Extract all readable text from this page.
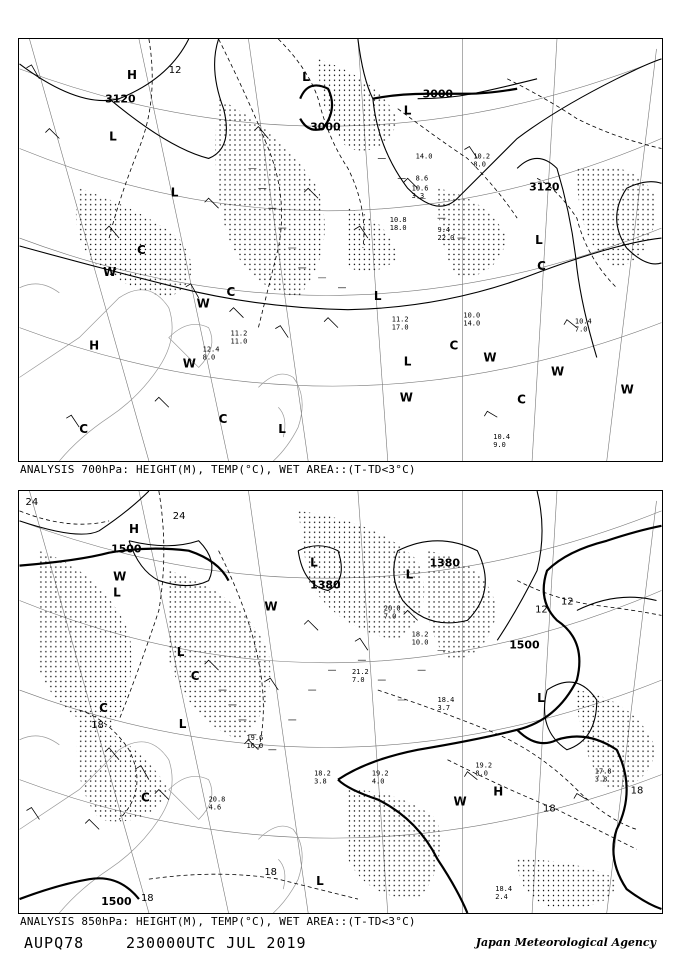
3120
3000
3000
3120
12
H
L
L
L
L
L
L
L
H
L
C
C
C
C
C
C
C
W
W
W	W
W
W
W
10.0
14.0	10.4
7.0
11.2
17.0
11.2
11.0
12.4
8.0
10.4
9.0
10.6
3.3
10.8
18.0	9.4
22.0
8.6
14.0	10.2
8.0
ANALYSIS 700hPa: HEIGHT(M), TEMP(°C), WET AREA::(T-TD<3°C)
1500
1380
1500
1500
1380
24
24
12
12
18
18
18
18
18
H
L
L
L
L
L
L
H
L
C
C
C
W
W
W
19.2
8.0	17.8
3.8
18.2
3.8
19.2
4.0
20.8
4.6
18.4
2.4
21.2
7.0
20.0
7.0
18.2
10.0
18.4
3.7
19.6
16.0
ANALYSIS 850hPa: HEIGHT(M), TEMP(°C), WET AREA::(T-TD<3°C)
AUPQ78	230000UTC JUL 2019	Japan Meteorological Agency
